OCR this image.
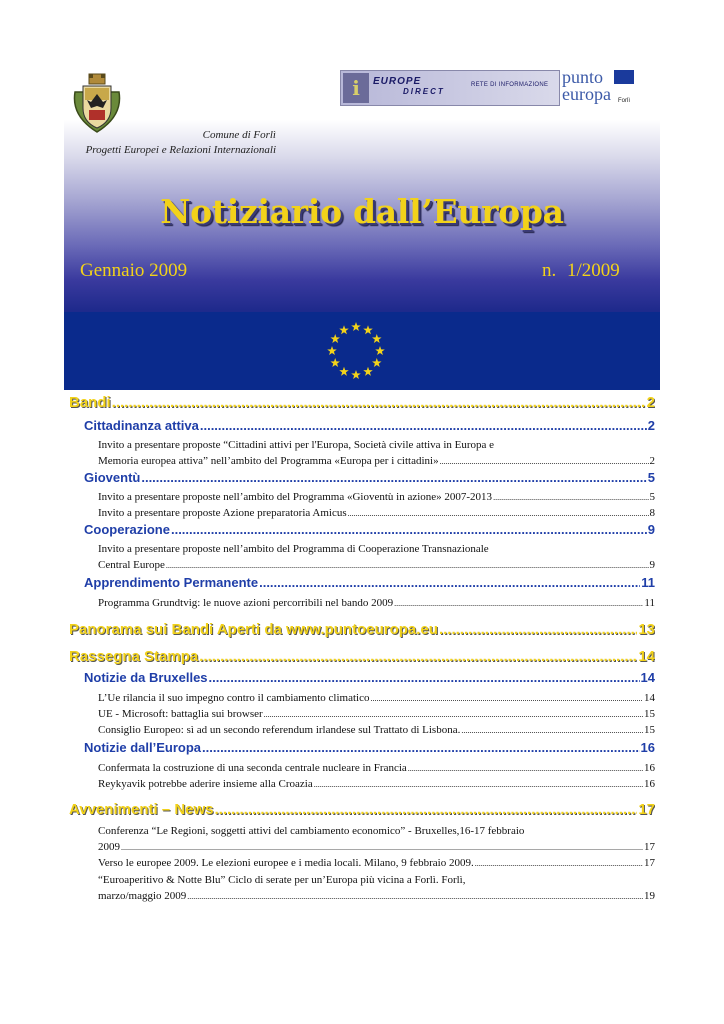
Comune di Forlì
Progetti Europei e Relazioni Internazionali
i	EUROPE
DIRECT
RETE DI INFORMAZIONE punto
europa Forlì
Notiziario dall’Europa
Gennaio 2009	n. 1/2009
Bandi .....	2
Cittadinanza attiva .....	2
Invito a presentare proposte “Cittadini attivi per l'Europa, Società civile attiva in Europa e
Memoria europea attiva” nell’ambito del Programma «Europa per i cittadini» .....	2
Gioventù .....	5
Invito a presentare proposte nell’ambito del Programma «Gioventù in azione» 2007-2013 .....	5
Invito a presentare proposte Azione preparatoria Amicus .....	8
Cooperazione .....	9
Invito a presentare proposte nell’ambito del Programma di Cooperazione Transnazionale
Central Europe .....	9
Apprendimento Permanente .....	11
Programma Grundtvig: le nuove azioni percorribili nel bando 2009 .....	11
Panorama sui Bandi Aperti da www.puntoeuropa.eu .....	13
Rassegna Stampa .....	14
Notizie da Bruxelles .....	14
L’Ue rilancia il suo impegno contro il cambiamento climatico .....	14
UE - Microsoft: battaglia sui browser .....	15
Consiglio Europeo: sì ad un secondo referendum irlandese sul Trattato di Lisbona. .....	15
Notizie dall’Europa .....	16
Confermata la costruzione di una seconda centrale nucleare in Francia .....	16
Reykyavik potrebbe aderire insieme alla Croazia .....	16
Avvenimenti – News .....	17
Conferenza “Le Regioni, soggetti attivi del cambiamento economico” - Bruxelles,16-17 febbraio
2009 .....	17
Verso le europee 2009. Le elezioni europee e i media locali. Milano, 9 febbraio 2009. .....	17
“Euroaperitivo & Notte Blu” Ciclo di serate per un’Europa più vicina a Forlì. Forlì,
marzo/maggio 2009 .....	19
